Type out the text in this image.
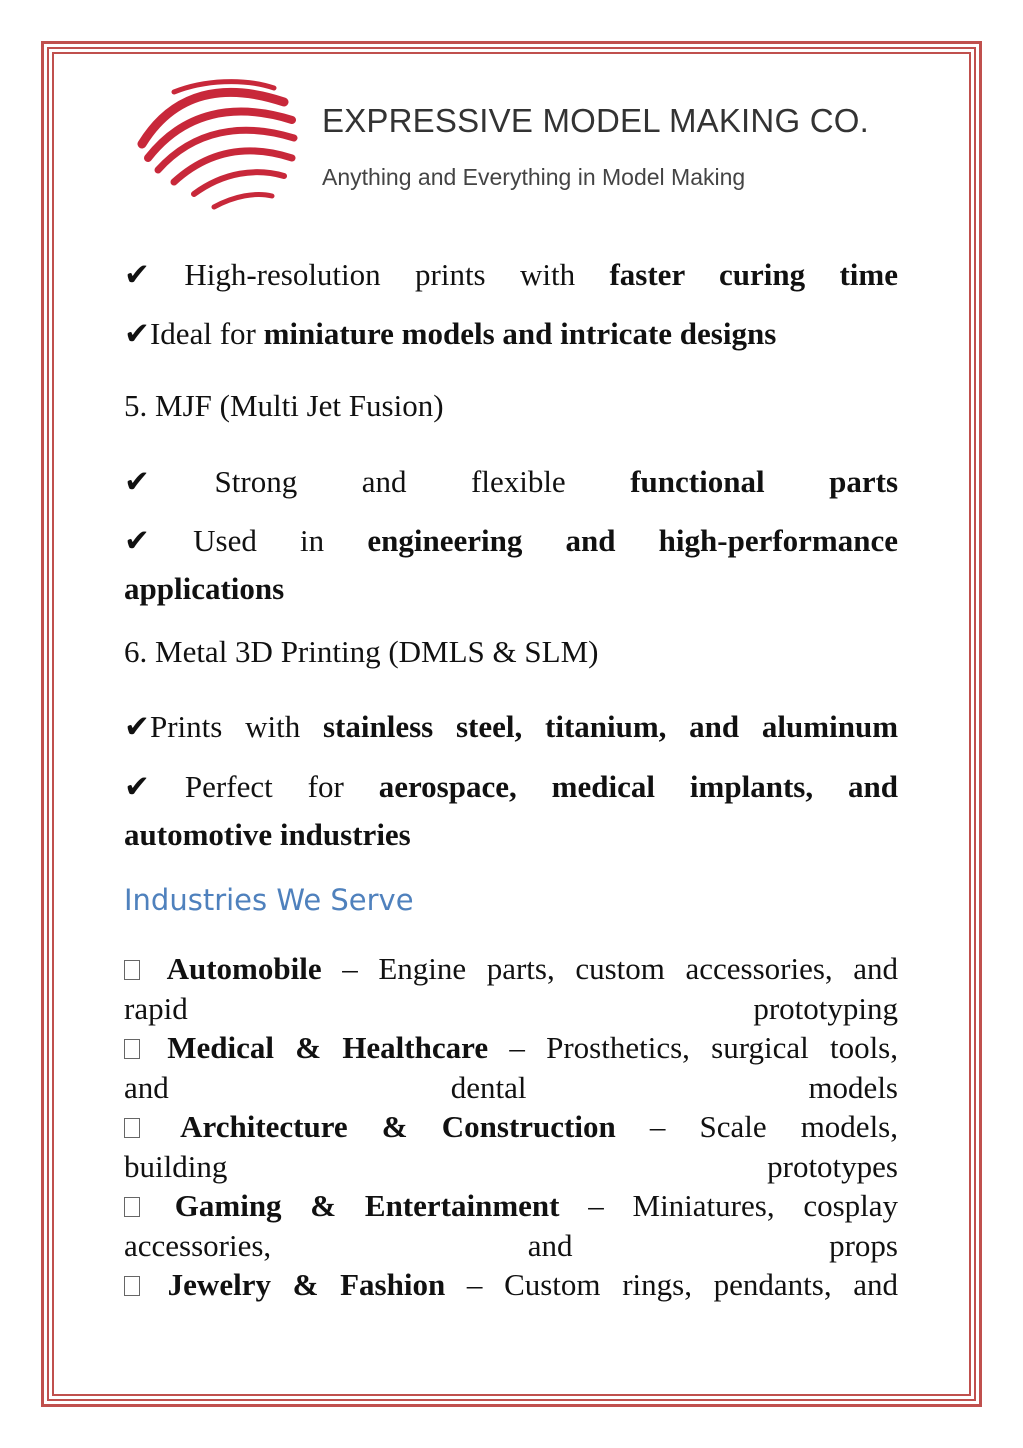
EXPRESSIVE MODEL MAKING CO.
Anything and Everything in Model Making
✔ High-resolution prints with faster curing time
✔Ideal for miniature models and intricate designs
5. MJF (Multi Jet Fusion)
✔ Strong and flexible functional parts
✔ Used in engineering and high-performance
applications
6. Metal 3D Printing (DMLS & SLM)
✔Prints with stainless steel, titanium, and aluminum
✔ Perfect for aerospace, medical implants, and
automotive industries
Industries We Serve
Automobile – Engine parts, custom accessories, and
rapid prototyping
Medical & Healthcare – Prosthetics, surgical tools,
and dental models
Architecture & Construction – Scale models,
building prototypes
Gaming & Entertainment – Miniatures, cosplay
accessories, and props
Jewelry & Fashion – Custom rings, pendants, and
